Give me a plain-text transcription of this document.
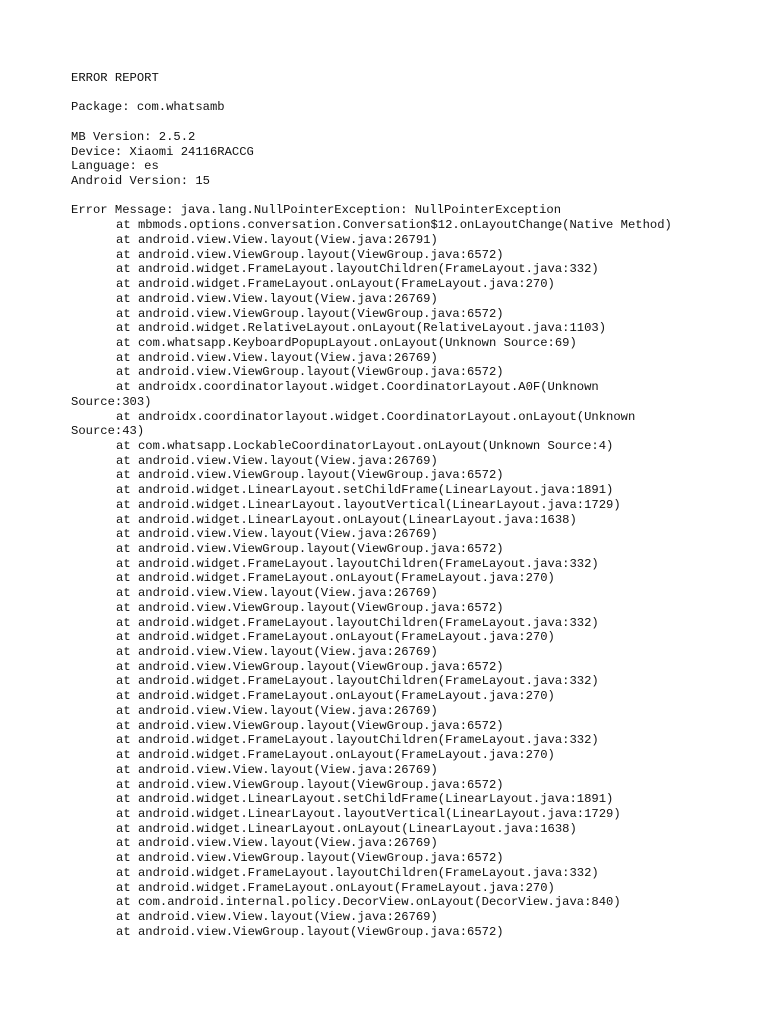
ERROR REPORT
Package: com.whatsamb
MB Version: 2.5.2
Device: Xiaomi 24116RACCG
Language: es
Android Version: 15
Error Message: java.lang.NullPointerException: NullPointerException
at mbmods.options.conversation.Conversation$12.onLayoutChange(Native Method)
at android.view.View.layout(View.java:26791)
at android.view.ViewGroup.layout(ViewGroup.java:6572)
at android.widget.FrameLayout.layoutChildren(FrameLayout.java:332)
at android.widget.FrameLayout.onLayout(FrameLayout.java:270)
at android.view.View.layout(View.java:26769)
at android.view.ViewGroup.layout(ViewGroup.java:6572)
at android.widget.RelativeLayout.onLayout(RelativeLayout.java:1103)
at com.whatsapp.KeyboardPopupLayout.onLayout(Unknown Source:69)
at android.view.View.layout(View.java:26769)
at android.view.ViewGroup.layout(ViewGroup.java:6572)
at androidx.coordinatorlayout.widget.CoordinatorLayout.A0F(Unknown
Source:303)
at androidx.coordinatorlayout.widget.CoordinatorLayout.onLayout(Unknown
Source:43)
at com.whatsapp.LockableCoordinatorLayout.onLayout(Unknown Source:4)
at android.view.View.layout(View.java:26769)
at android.view.ViewGroup.layout(ViewGroup.java:6572)
at android.widget.LinearLayout.setChildFrame(LinearLayout.java:1891)
at android.widget.LinearLayout.layoutVertical(LinearLayout.java:1729)
at android.widget.LinearLayout.onLayout(LinearLayout.java:1638)
at android.view.View.layout(View.java:26769)
at android.view.ViewGroup.layout(ViewGroup.java:6572)
at android.widget.FrameLayout.layoutChildren(FrameLayout.java:332)
at android.widget.FrameLayout.onLayout(FrameLayout.java:270)
at android.view.View.layout(View.java:26769)
at android.view.ViewGroup.layout(ViewGroup.java:6572)
at android.widget.FrameLayout.layoutChildren(FrameLayout.java:332)
at android.widget.FrameLayout.onLayout(FrameLayout.java:270)
at android.view.View.layout(View.java:26769)
at android.view.ViewGroup.layout(ViewGroup.java:6572)
at android.widget.FrameLayout.layoutChildren(FrameLayout.java:332)
at android.widget.FrameLayout.onLayout(FrameLayout.java:270)
at android.view.View.layout(View.java:26769)
at android.view.ViewGroup.layout(ViewGroup.java:6572)
at android.widget.FrameLayout.layoutChildren(FrameLayout.java:332)
at android.widget.FrameLayout.onLayout(FrameLayout.java:270)
at android.view.View.layout(View.java:26769)
at android.view.ViewGroup.layout(ViewGroup.java:6572)
at android.widget.LinearLayout.setChildFrame(LinearLayout.java:1891)
at android.widget.LinearLayout.layoutVertical(LinearLayout.java:1729)
at android.widget.LinearLayout.onLayout(LinearLayout.java:1638)
at android.view.View.layout(View.java:26769)
at android.view.ViewGroup.layout(ViewGroup.java:6572)
at android.widget.FrameLayout.layoutChildren(FrameLayout.java:332)
at android.widget.FrameLayout.onLayout(FrameLayout.java:270)
at com.android.internal.policy.DecorView.onLayout(DecorView.java:840)
at android.view.View.layout(View.java:26769)
at android.view.ViewGroup.layout(ViewGroup.java:6572)
